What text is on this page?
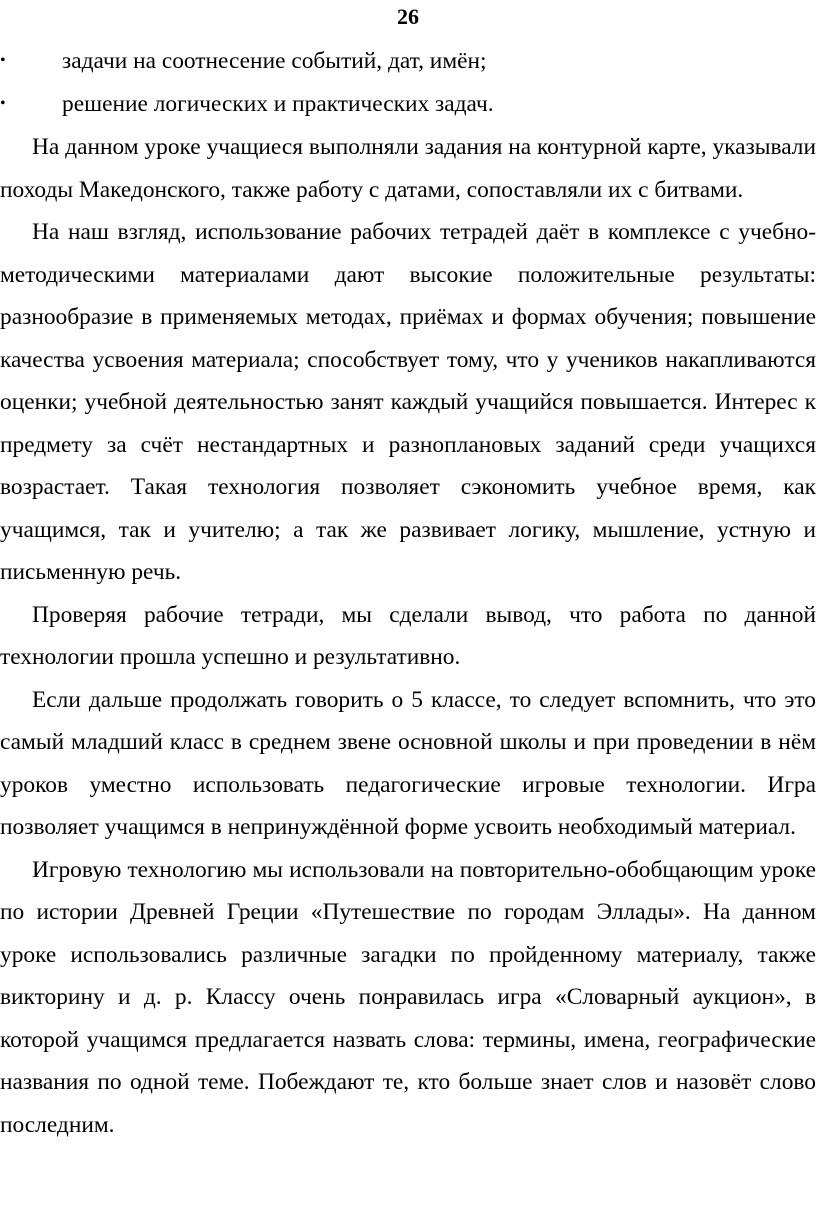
26
•	задачи на соотнесение событий, дат, имён;
•	решение логических и практических задач.

На данном уроке учащиеся выполняли задания на контурной карте, указывали походы Македонского, также работу с датами, сопоставляли их с битвами.

На наш взгляд, использование рабочих тетрадей даёт в комплексе с учебно-методическими материалами дают высокие положительные результаты: разнообразие в применяемых методах, приёмах и формах обучения; повышение качества усвоения материала; способствует тому, что у учеников накапливаются оценки; учебной деятельностью занят каждый учащийся повышается. Интерес к предмету за счёт нестандартных и разноплановых заданий среди учащихся возрастает. Такая технология позволяет сэкономить учебное время, как учащимся, так и учителю; а так же развивает логику, мышление, устную и письменную речь.

Проверяя рабочие тетради, мы сделали вывод, что работа по данной технологии прошла успешно и результативно.

Если дальше продолжать говорить о 5 классе, то следует вспомнить, что это самый младший класс в среднем звене основной школы и при проведении в нём уроков уместно использовать педагогические игровые технологии. Игра позволяет учащимся в непринуждённой форме усвоить необходимый материал.

Игровую технологию мы использовали на повторительно-обобщающим уроке по истории Древней Греции «Путешествие по городам Эллады». На данном уроке использовались различные загадки по пройденному материалу, также викторину и д. р. Классу очень понравилась игра «Словарный аукцион», в которой учащимся предлагается назвать слова: термины, имена, географические названия по одной теме. Побеждают те, кто больше знает слов и назовёт слово последним.
